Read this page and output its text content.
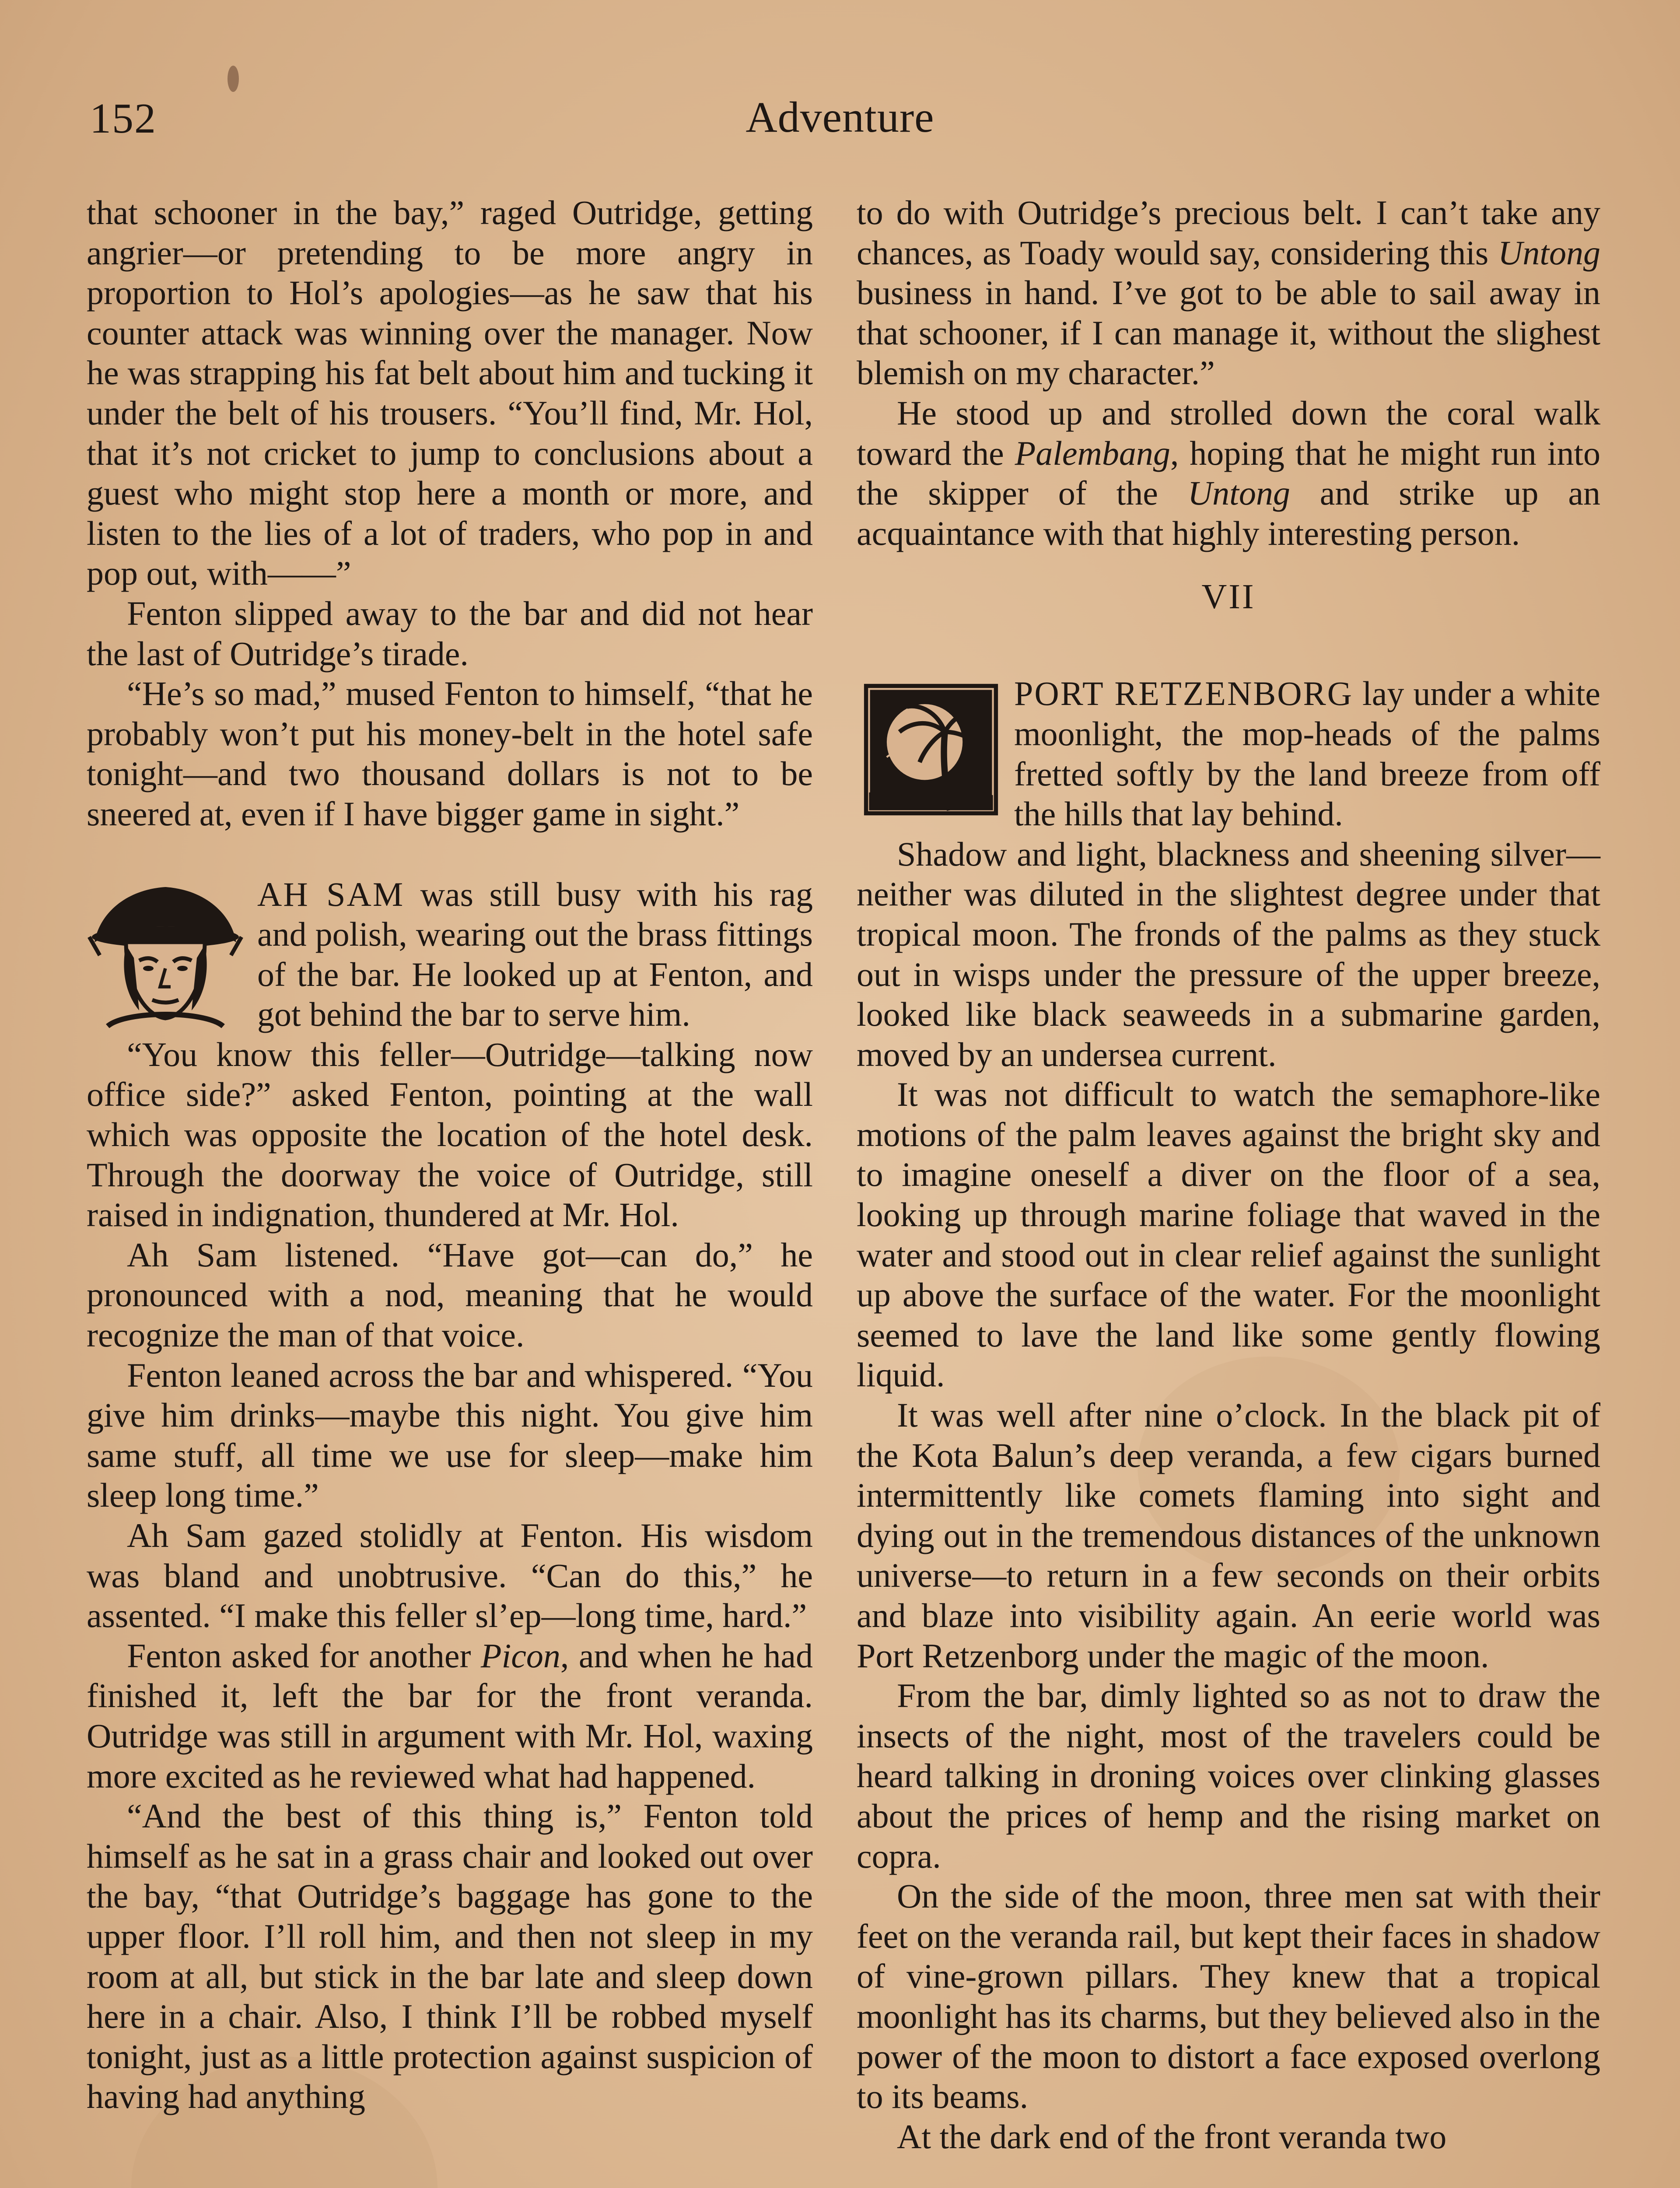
152	Adventure

that schooner in the bay,” raged Outridge, getting angrier—or pretending to be more angry in proportion to Hol’s apologies—as he saw that his counter attack was winning over the manager. Now he was strapping his fat belt about him and tucking it under the belt of his trousers. “You’ll find, Mr. Hol, that it’s not cricket to jump to conclusions about a guest who might stop here a month or more, and listen to the lies of a lot of traders, who pop in and pop out, with——”

Fenton slipped away to the bar and did not hear the last of Outridge’s tirade.

“He’s so mad,” mused Fenton to himself, “that he probably won’t put his money-belt in the hotel safe tonight—and two thousand dollars is not to be sneered at, even if I have bigger game in sight.”

AH SAM was still busy with his rag and polish, wearing out the brass fittings of the bar. He looked up at Fenton, and got behind the bar to serve him.

“You know this feller—Outridge—talking now office side?” asked Fenton, pointing at the wall which was opposite the location of the hotel desk. Through the doorway the voice of Outridge, still raised in indignation, thundered at Mr. Hol.

Ah Sam listened. “Have got—can do,” he pronounced with a nod, meaning that he would recognize the man of that voice.

Fenton leaned across the bar and whispered. “You give him drinks—maybe this night. You give him same stuff, all time we use for sleep—make him sleep long time.”

Ah Sam gazed stolidly at Fenton. His wisdom was bland and unobtrusive. “Can do this,” he assented. “I make this feller sl’ep—long time, hard.”

Fenton asked for another Picon, and when he had finished it, left the bar for the front veranda. Outridge was still in argument with Mr. Hol, waxing more excited as he reviewed what had happened.

“And the best of this thing is,” Fenton told himself as he sat in a grass chair and looked out over the bay, “that Outridge’s baggage has gone to the upper floor. I’ll roll him, and then not sleep in my room at all, but stick in the bar late and sleep down here in a chair. Also, I think I’ll be robbed myself tonight, just as a little protection against suspicion of having had anything

to do with Outridge’s precious belt. I can’t take any chances, as Toady would say, considering this Untong business in hand. I’ve got to be able to sail away in that schooner, if I can manage it, without the slighest blemish on my character.”

He stood up and strolled down the coral walk toward the Palembang, hoping that he might run into the skipper of the Untong and strike up an acquaintance with that highly interesting person.

VII

PORT RETZENBORG lay under a white moonlight, the mop-heads of the palms fretted softly by the land breeze from off the hills that lay behind.

Shadow and light, blackness and sheening silver—neither was diluted in the slightest degree under that tropical moon. The fronds of the palms as they stuck out in wisps under the pressure of the upper breeze, looked like black seaweeds in a submarine garden, moved by an undersea current.

It was not difficult to watch the semaphore-like motions of the palm leaves against the bright sky and to imagine oneself a diver on the floor of a sea, looking up through marine foliage that waved in the water and stood out in clear relief against the sunlight up above the surface of the water. For the moonlight seemed to lave the land like some gently flowing liquid.

It was well after nine o’clock. In the black pit of the Kota Balun’s deep veranda, a few cigars burned intermittently like comets flaming into sight and dying out in the tremendous distances of the unknown universe—to return in a few seconds on their orbits and blaze into visibility again. An eerie world was Port Retzenborg under the magic of the moon.

From the bar, dimly lighted so as not to draw the insects of the night, most of the travelers could be heard talking in droning voices over clinking glasses about the prices of hemp and the rising market on copra.

On the side of the moon, three men sat with their feet on the veranda rail, but kept their faces in shadow of vine-grown pillars. They knew that a tropical moonlight has its charms, but they believed also in the power of the moon to distort a face exposed overlong to its beams.

At the dark end of the front veranda two
